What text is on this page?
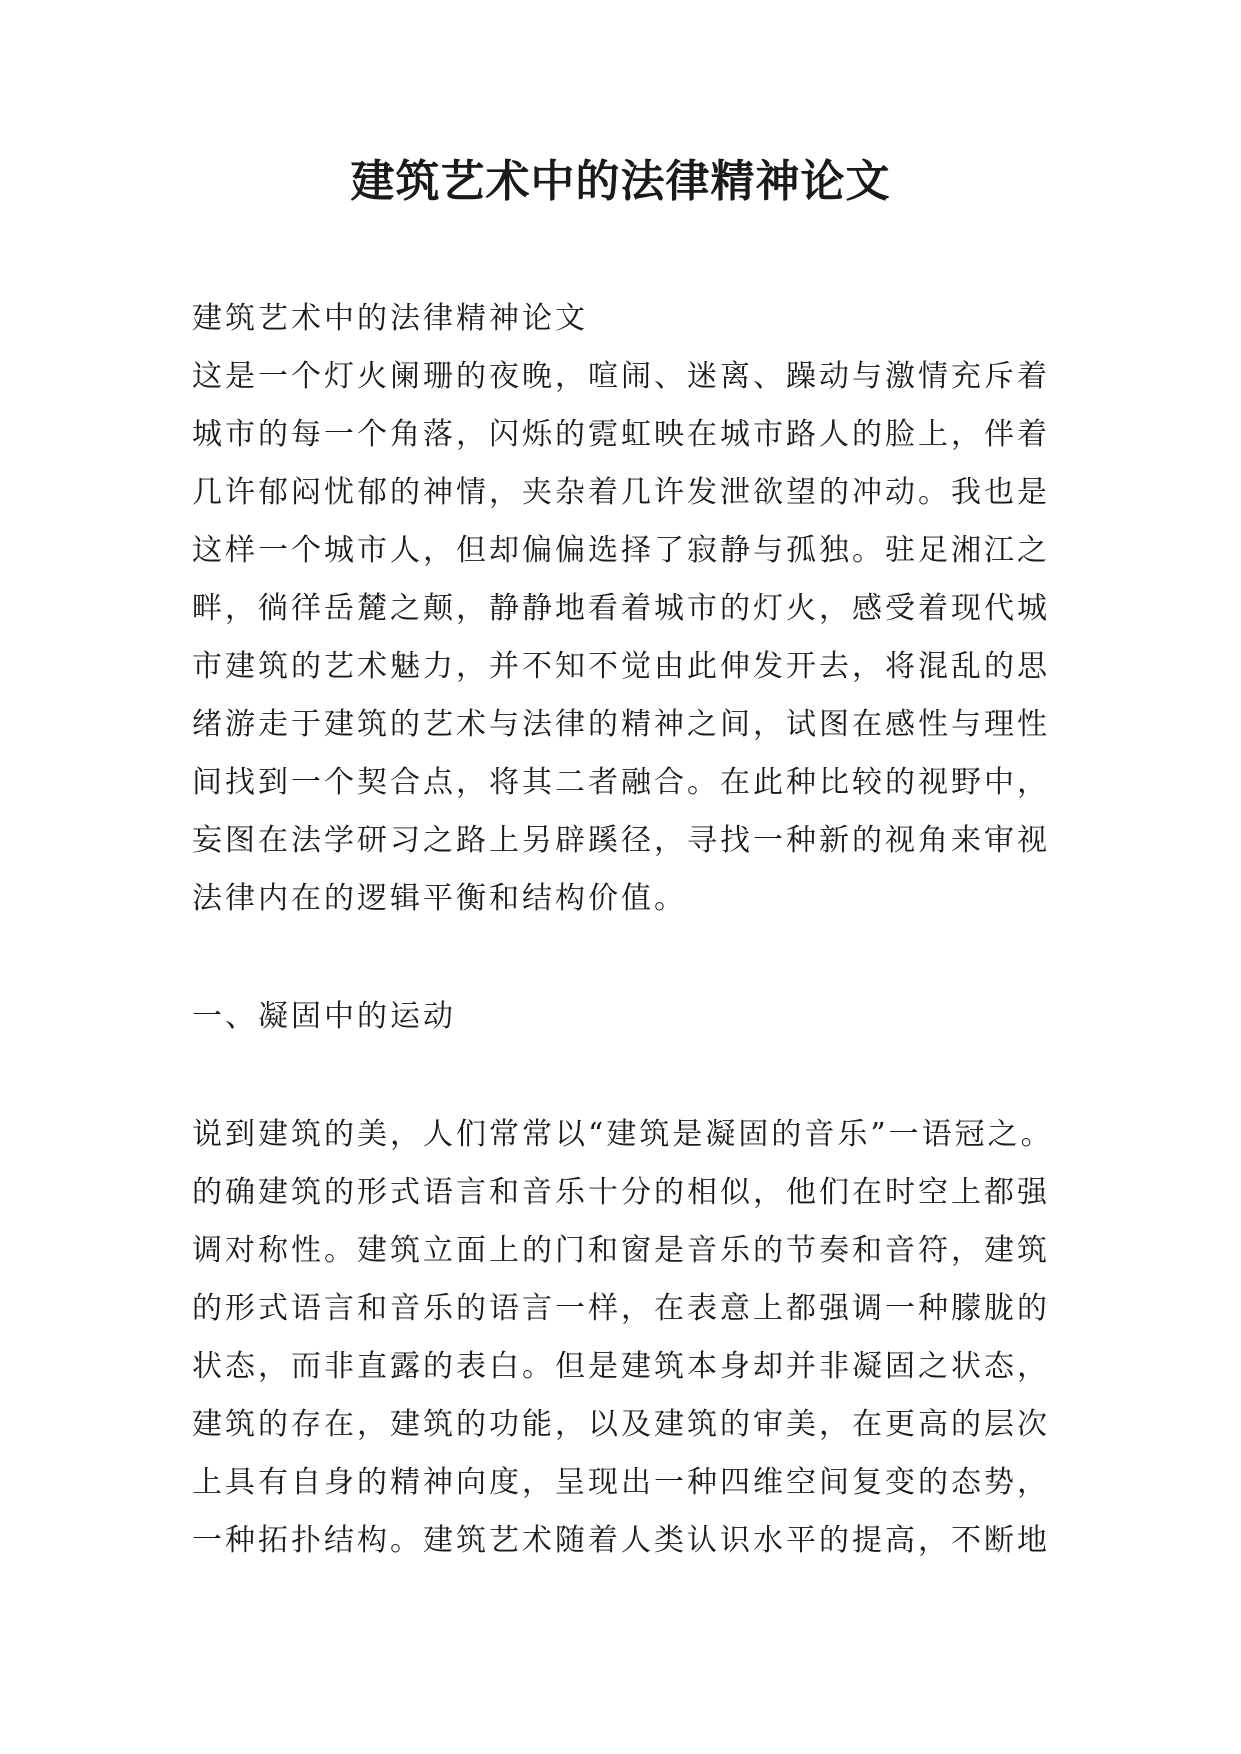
建筑艺术中的法律精神论文

建筑艺术中的法律精神论文

这是一个灯火阑珊的夜晚，喧闹、迷离、躁动与激情充斥着
城市的每一个角落，闪烁的霓虹映在城市路人的脸上，伴着
几许郁闷忧郁的神情，夹杂着几许发泄欲望的冲动。我也是
这样一个城市人，但却偏偏选择了寂静与孤独。驻足湘江之
畔，徜徉岳麓之颠，静静地看着城市的灯火，感受着现代城
市建筑的艺术魅力，并不知不觉由此伸发开去，将混乱的思
绪游走于建筑的艺术与法律的精神之间，试图在感性与理性
间找到一个契合点，将其二者融合。在此种比较的视野中，
妄图在法学研习之路上另辟蹊径，寻找一种新的视角来审视
法律内在的逻辑平衡和结构价值。

一、凝固中的运动

说到建筑的美，人们常常以“建筑是凝固的音乐”一语冠之。
的确建筑的形式语言和音乐十分的相似，他们在时空上都强
调对称性。建筑立面上的门和窗是音乐的节奏和音符，建筑
的形式语言和音乐的语言一样，在表意上都强调一种朦胧的
状态，而非直露的表白。但是建筑本身却并非凝固之状态，
建筑的存在，建筑的功能，以及建筑的审美，在更高的层次
上具有自身的精神向度，呈现出一种四维空间复变的态势，
一种拓扑结构。建筑艺术随着人类认识水平的提高，不断地
